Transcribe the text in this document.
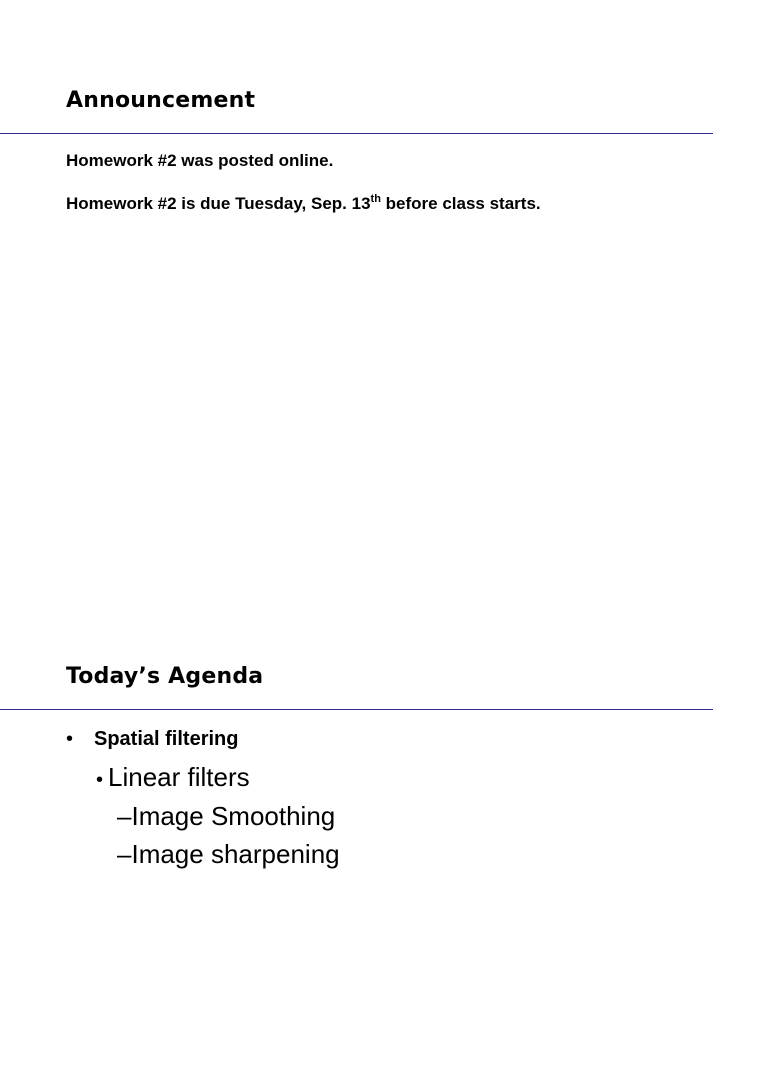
Announcement
Homework #2 was posted online.
Homework #2 is due Tuesday, Sep. 13th before class starts.
Today’s Agenda
•	Spatial filtering
• Linear filters
– Image Smoothing
– Image sharpening
